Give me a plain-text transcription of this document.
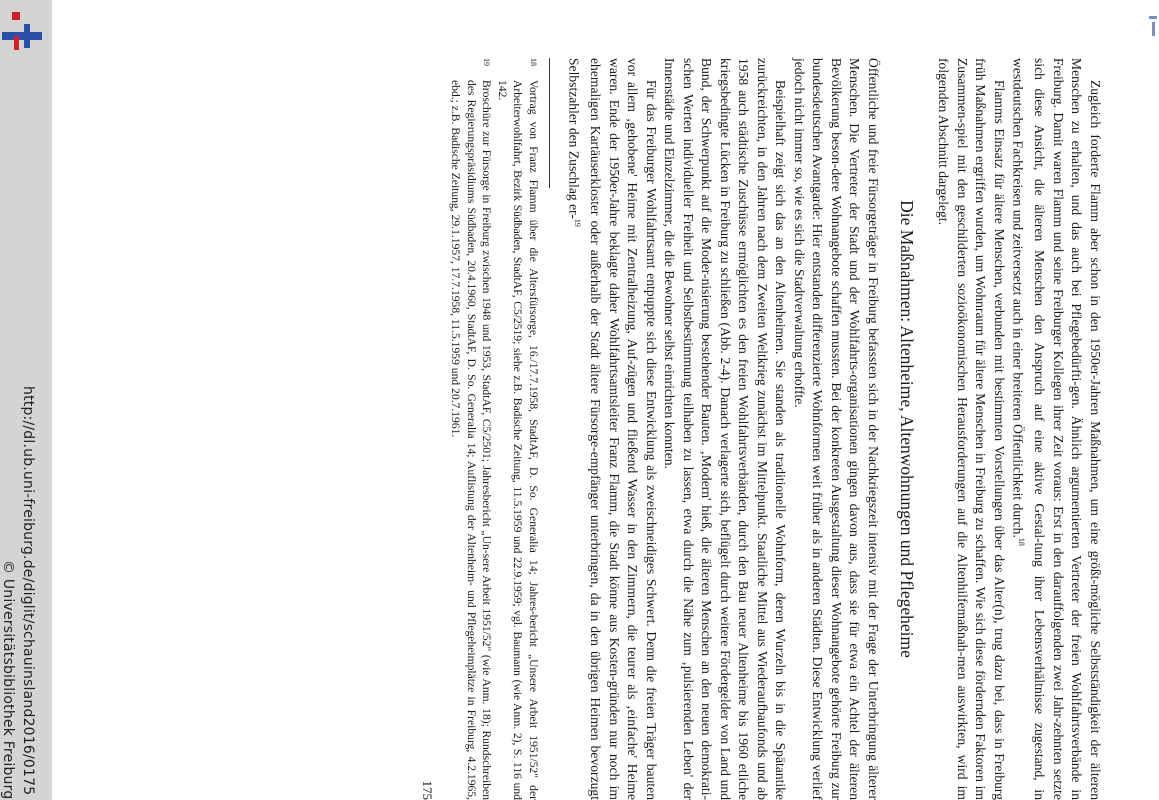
http://dl.ub.uni-freiburg.de/diglit/schauinsland2016/0175
© Universitätsbibliothek Freiburg	Zugleich forderte Flamm aber schon in den 1950er-Jahren Maßnahmen, um eine größt-mögliche Selbstständigkeit der älteren Menschen zu erhalten, und das auch bei Pflegebedürfti-gen. Ähnlich argumentierten Vertreter der freien Wohlfahrtsverbände in Freiburg. Damit waren Flamm und seine Freiburger Kollegen ihrer Zeit voraus: Erst in den darauffolgenden zwei Jahr-zehnten setzte sich diese Ansicht, die älteren Menschen den Anspruch auf eine aktive Gestal-tung ihrer Lebensverhältnisse zugestand, in westdeutschen Fachkreisen und zeitversetzt auch in einer breiteren Öffentlichkeit durch.$^{18}$

Flamms Einsatz für ältere Menschen, verbunden mit bestimmten Vorstellungen über das Alter(n), trug dazu bei, dass in Freiburg früh Maßnahmen ergriffen wurden, um Wohnraum für ältere Menschen in Freiburg zu schaffen. Wie sich diese fördernden Faktoren im Zusammen-spiel mit den geschilderten sozioökonomischen Herausforderungen auf die Altenhilfemaßnah-men auswirkten, wird im folgenden Abschnitt dargelegt.

Die Maßnahmen: Altenheime, Altenwohnungen und Pflegeheime

Öffentliche und freie Fürsorgeträger in Freiburg befassten sich in der Nachkriegszeit intensiv mit der Frage der Unterbringung älterer Menschen. Die Vertreter der Stadt und der Wohlfahrts-organisationen gingen davon aus, dass sie für etwa ein Achtel der älteren Bevölkerung beson-dere Wohnangebote schaffen mussten. Bei der konkreten Ausgestaltung dieser Wohnangebote gehörte Freiburg zur bundesdeutschen Avantgarde: Hier entstanden differenzierte Wohnformen weit früher als in anderen Städten. Diese Entwicklung verlief jedoch nicht immer so, wie es sich die Stadtverwaltung erhoffte.

Beispielhaft zeigt sich das an den Altenheimen. Sie standen als traditionelle Wohnform, deren Wurzeln bis in die Spätantike zurückreichten, in den Jahren nach dem Zweiten Weltkrieg zunächst im Mittelpunkt. Staatliche Mittel aus Wiederaufbaufonds und ab 1958 auch städtische Zuschüsse ermöglichten es den freien Wohlfahrtsverbänden, durch den Bau neuer Altenheime bis 1960 etliche kriegsbedingte Lücken in Freiburg zu schließen (Abb. 2-4). Danach verlagerte sich, beflügelt durch weitere Fördergelder von Land und Bund, der Schwerpunkt auf die Moder-nisierung bestehender Bauten. ‚Modern' hieß, die älteren Menschen an den neuen demokrati-schen Werten individueller Freiheit und Selbstbestimmung teilhaben zu lassen, etwa durch die Nähe zum ‚pulsierenden Leben' der Innenstädte und Einzelzimmer, die die Bewohner selbst einrichten konnten.

Für das Freiburger Wohlfahrtsamt entpuppte sich diese Entwicklung als zweischneidiges Schwert. Denn die freien Träger bauten vor allem ‚gehobene' Heime mit Zentralheizung, Auf-zügen und fließend Wasser in den Zimmern, die teurer als ‚einfache' Heime waren. Ende der 1950er-Jahre beklagte daher Wohlfahrtsamtsleiter Franz Flamm, die Stadt könne aus Kosten-gründen nur noch im ehemaligen Kartäuserkloster oder außerhalb der Stadt ältere Fürsorge-empfänger unterbringen, da in den übrigen Heimen bevorzugt Selbstzahler den Zuschlag er-$^{19}$

18
Vortrag von Franz Flamm über die Altersfürsorge, 16./17.7.1958, StadtAF, D. So. Generalia 14; Jahres-bericht „Unsere Arbeit 1951/52" der Arbeiterwohlfahrt, Bezirk Südbaden, StadtAF, C5/2519; siehe z.B. Badische Zeitung, 11.5.1959 und 22.9.1959; vgl. Baumann (wie Anm. 2), S. 116 und 142.

19
Broschüre zur Fürsorge in Freiburg zwischen 1948 und 1953, StadtAF, C5/2501; Jahresbericht „Un-sere Arbeit 1951/52" (wie Anm. 18); Rundschreiben des Regierungspräsidiums Südbaden, 20.4.1960, StadtAF, D. So. Generalia 14; Auflistung der Altenheim- und Pflegeheimplätze in Freiburg, 4.2.1965, ebd.; z.B. Badische Zeitung, 29.1.1957, 17.7.1958, 11.5.1959 und 20.7.1961.

175
